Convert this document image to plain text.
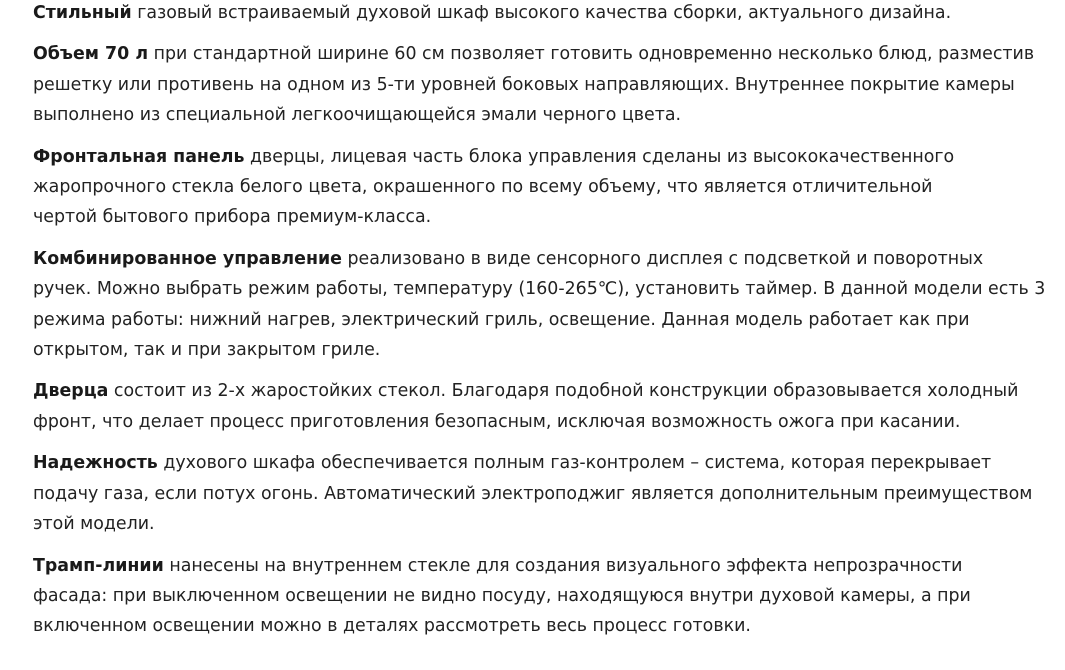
Стильный газовый встраиваемый духовой шкаф высокого качества сборки, актуального дизайна.

Объем 70 л при стандартной ширине 60 см позволяет готовить одновременно несколько блюд, разместив
решетку или противень на одном из 5-ти уровней боковых направляющих. Внутреннее покрытие камеры
выполнено из специальной легкоочищающейся эмали черного цвета.

Фронтальная панель дверцы, лицевая часть блока управления сделаны из высококачественного
жаропрочного стекла белого цвета, окрашенного по всему объему, что является отличительной
чертой бытового прибора премиум-класса.

Комбинированное управление реализовано в виде сенсорного дисплея с подсветкой и поворотных
ручек. Можно выбрать режим работы, температуру (160-265℃), установить таймер. В данной модели есть 3
режима работы: нижний нагрев, электрический гриль, освещение. Данная модель работает как при
открытом, так и при закрытом гриле.

Дверца состоит из 2-х жаростойких стекол. Благодаря подобной конструкции образовывается холодный
фронт, что делает процесс приготовления безопасным, исключая возможность ожога при касании.

Надежность духового шкафа обеспечивается полным газ-контролем – система, которая перекрывает
подачу газа, если потух огонь. Автоматический электроподжиг является дополнительным преимуществом
этой модели.

Трамп-линии нанесены на внутреннем стекле для создания визуального эффекта непрозрачности
фасада: при выключенном освещении не видно посуду, находящуюся внутри духовой камеры, а при
включенном освещении можно в деталях рассмотреть весь процесс готовки.
